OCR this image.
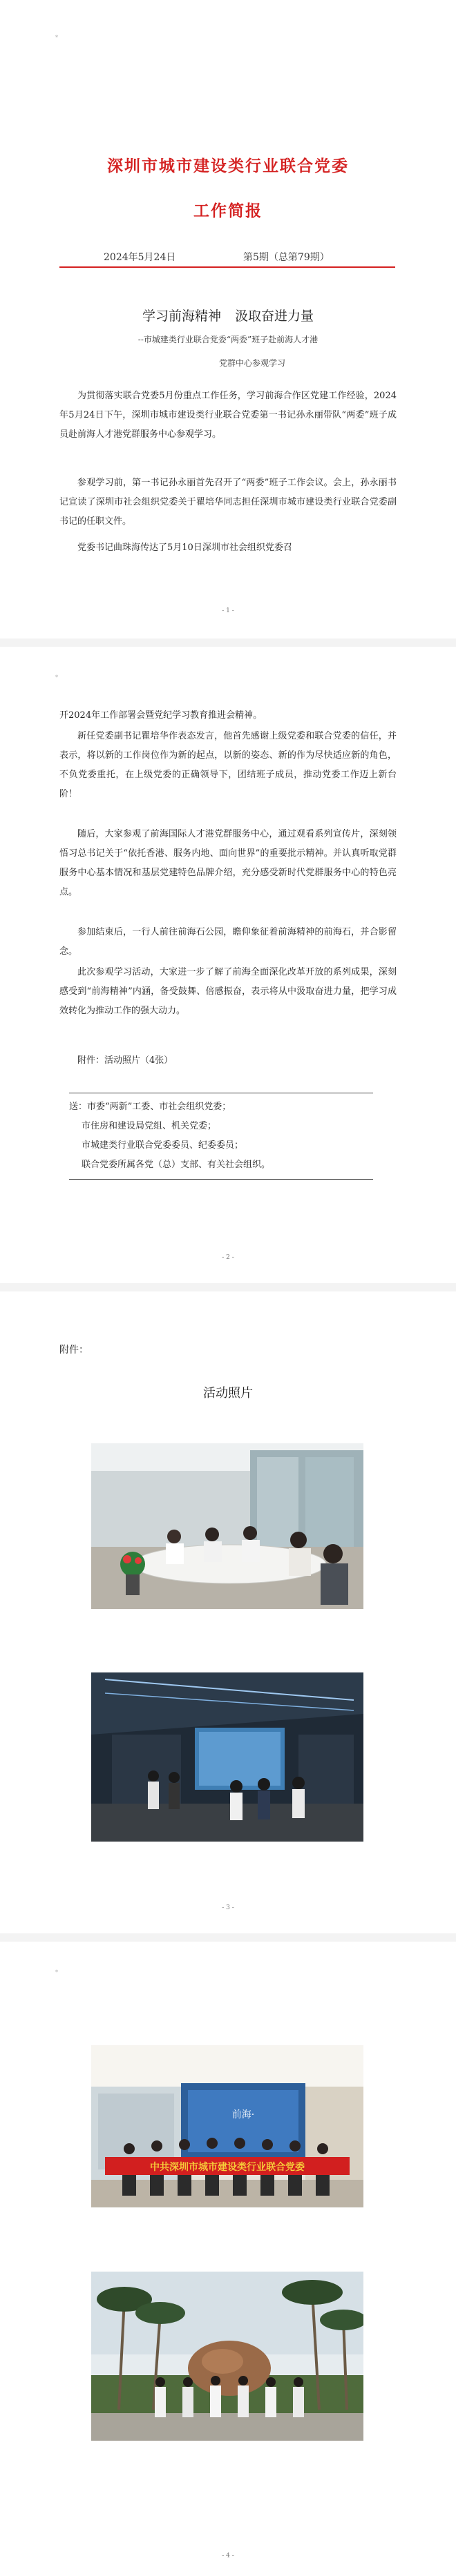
*
深圳市城市建设类行业联合党委
工作简报
2024年5月24日	第5期（总第79期）
学习前海精神 汲取奋进力量
--市城建类行业联合党委“两委”班子赴前海人才港
党群中心参观学习
为贯彻落实联合党委5月份重点工作任务，学习前海合作区党建工作经验，2024年5月24日下午，深圳市城市建设类行业联合党委第一书记孙永丽带队“两委”班子成员赴前海人才港党群服务中心参观学习。
参观学习前，第一书记孙永丽首先召开了“两委”班子工作会议。会上，孙永丽书记宣读了深圳市社会组织党委关于瞿培华同志担任深圳市城市建设类行业联合党委副书记的任职文件。
党委书记曲珠海传达了5月10日深圳市社会组织党委召
- 1 -
*
开2024年工作部署会暨党纪学习教育推进会精神。
新任党委副书记瞿培华作表态发言，他首先感谢上级党委和联合党委的信任，并表示，将以新的工作岗位作为新的起点，以新的姿态、新的作为尽快适应新的角色，不负党委重托，在上级党委的正确领导下，团结班子成员，推动党委工作迈上新台阶！
随后，大家参观了前海国际人才港党群服务中心，通过观看系列宣传片，深刻领悟习总书记关于“依托香港、服务内地、面向世界”的重要批示精神。并认真听取党群服务中心基本情况和基层党建特色品牌介绍，充分感受新时代党群服务中心的特色亮点。
参加结束后，一行人前往前海石公园，瞻仰象征着前海精神的前海石，并合影留念。
此次参观学习活动，大家进一步了解了前海全面深化改革开放的系列成果，深刻感受到“前海精神”内涵，备受鼓舞、倍感振奋，表示将从中汲取奋进力量，把学习成效转化为推动工作的强大动力。
附件：活动照片（4张）
送：市委“两新”工委、市社会组织党委；
市住房和建设局党组、机关党委；
市城建类行业联合党委委员、纪委委员；
联合党委所属各党（总）支部、有关社会组织。
- 2 -
附件：
活动照片
- 3 -
*
前海·
中共深圳市城市建设类行业联合党委
- 4 -
